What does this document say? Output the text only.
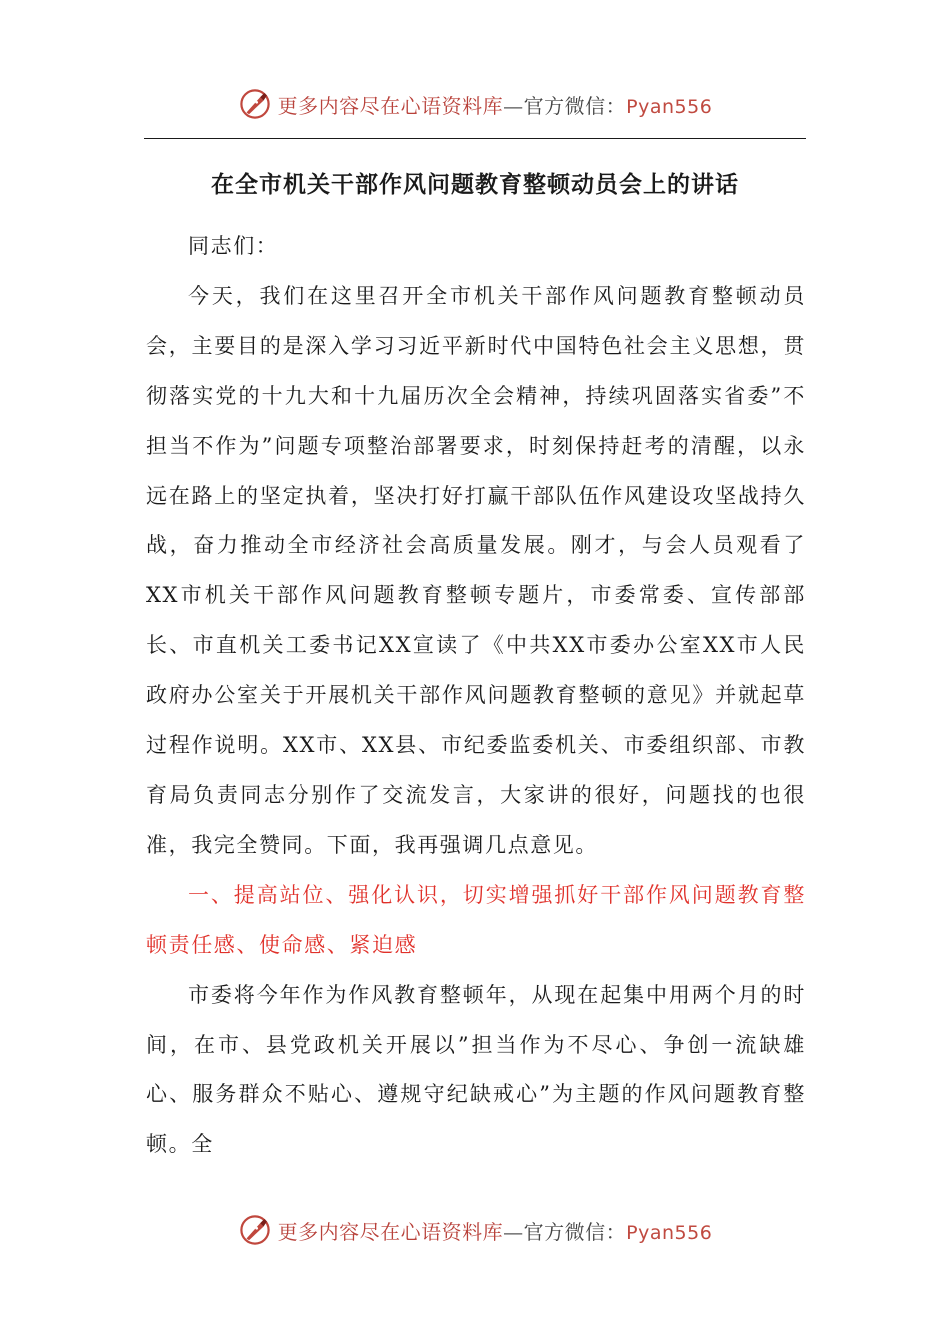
更多内容尽在心语资料库—官方微信：Pyan556
在全市机关干部作风问题教育整顿动员会上的讲话

同志们：

今天，我们在这里召开全市机关干部作风问题教育整顿动员会，主要目的是深入学习习近平新时代中国特色社会主义思想，贯彻落实党的十九大和十九届历次全会精神，持续巩固落实省委”不担当不作为”问题专项整治部署要求，时刻保持赶考的清醒，以永远在路上的坚定执着，坚决打好打赢干部队伍作风建设攻坚战持久战，奋力推动全市经济社会高质量发展。刚才，与会人员观看了XX市机关干部作风问题教育整顿专题片，市委常委、宣传部部长、市直机关工委书记XX宣读了《中共XX市委办公室XX市人民政府办公室关于开展机关干部作风问题教育整顿的意见》并就起草过程作说明。XX市、XX县、市纪委监委机关、市委组织部、市教育局负责同志分别作了交流发言，大家讲的很好，问题找的也很准，我完全赞同。下面，我再强调几点意见。

一、提高站位、强化认识，切实增强抓好干部作风问题教育整顿责任感、使命感、紧迫感

市委将今年作为作风教育整顿年，从现在起集中用两个月的时间，在市、县党政机关开展以”担当作为不尽心、争创一流缺雄心、服务群众不贴心、遵规守纪缺戒心”为主题的作风问题教育整顿。全

更多内容尽在心语资料库—官方微信：Pyan556
